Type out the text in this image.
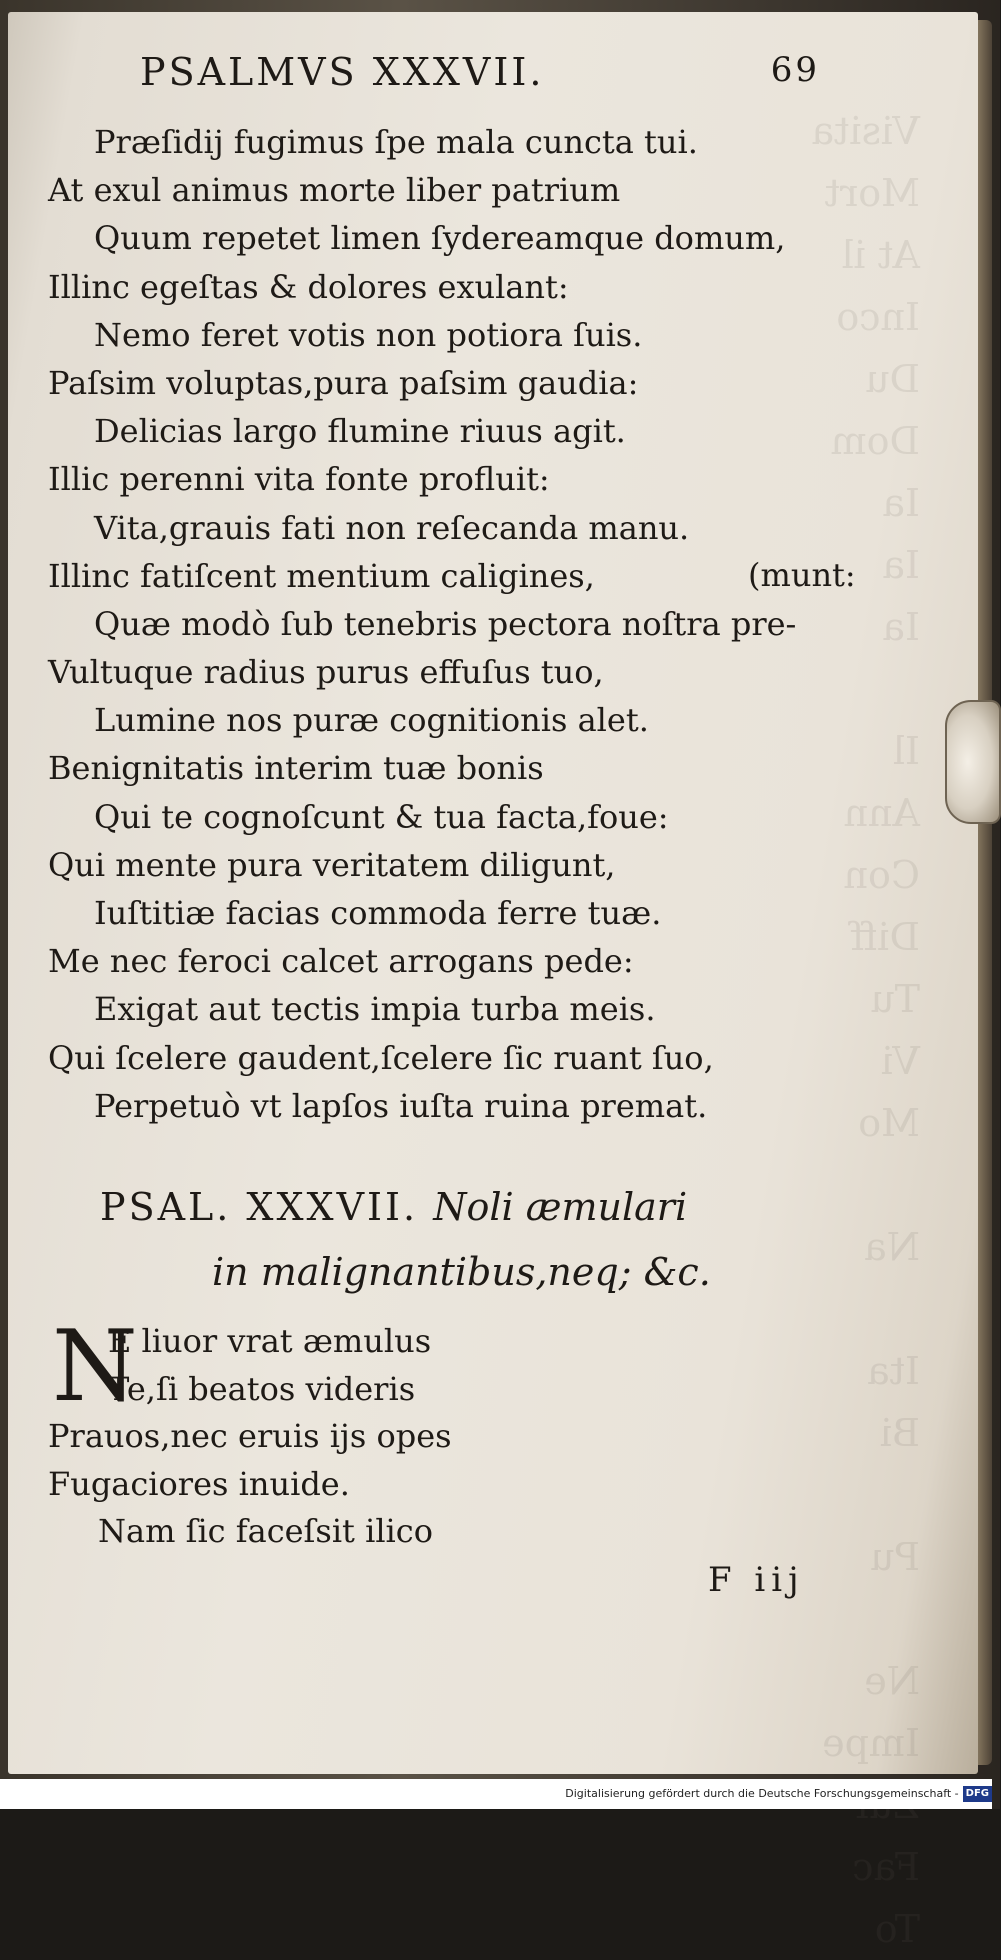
Fac
To
PSALMVS XXXVII.	69
Præſidij fugimus ſpe mala cuncta tui.
At exul animus morte liber patrium
Quum repetet limen ſydereamque domum,
Illinc egeſtas & dolores exulant:
Nemo feret votis non potiora ſuis.
Paſsim voluptas,pura paſsim gaudia:
Delicias largo flumine riuus agit.
Illic perenni vita fonte profluit:
Vita,grauis fati non reſecanda manu.
Illinc fatiſcent mentium caligines,
Quæ modò ſub tenebris pectora noſtra pre-
Vultuque radius purus effuſus tuo,
Lumine nos puræ cognitionis alet.
Benignitatis interim tuæ bonis
Qui te cognoſcunt & tua facta,foue:
Qui mente pura veritatem diligunt,
Iuſtitiæ facias commoda ferre tuæ.
Me nec feroci calcet arrogans pede:
Exigat aut tectis impia turba meis.
Qui ſcelere gaudent,ſcelere ſic ruant ſuo,
Perpetuò vt lapſos iuſta ruina premat.
(munt:
PSAL. XXXVII. Noli æmulari
in malignantibus,neq; &c.
N
E liuor vrat æmulus
Te,ſi beatos videris
Prauos,nec eruis ijs opes
Fugaciores inuide.
Nam ſic faceſsit ilico
F iij
Digitalisierung gefördert durch die Deutsche Forschungsgemeinschaft - DFG
